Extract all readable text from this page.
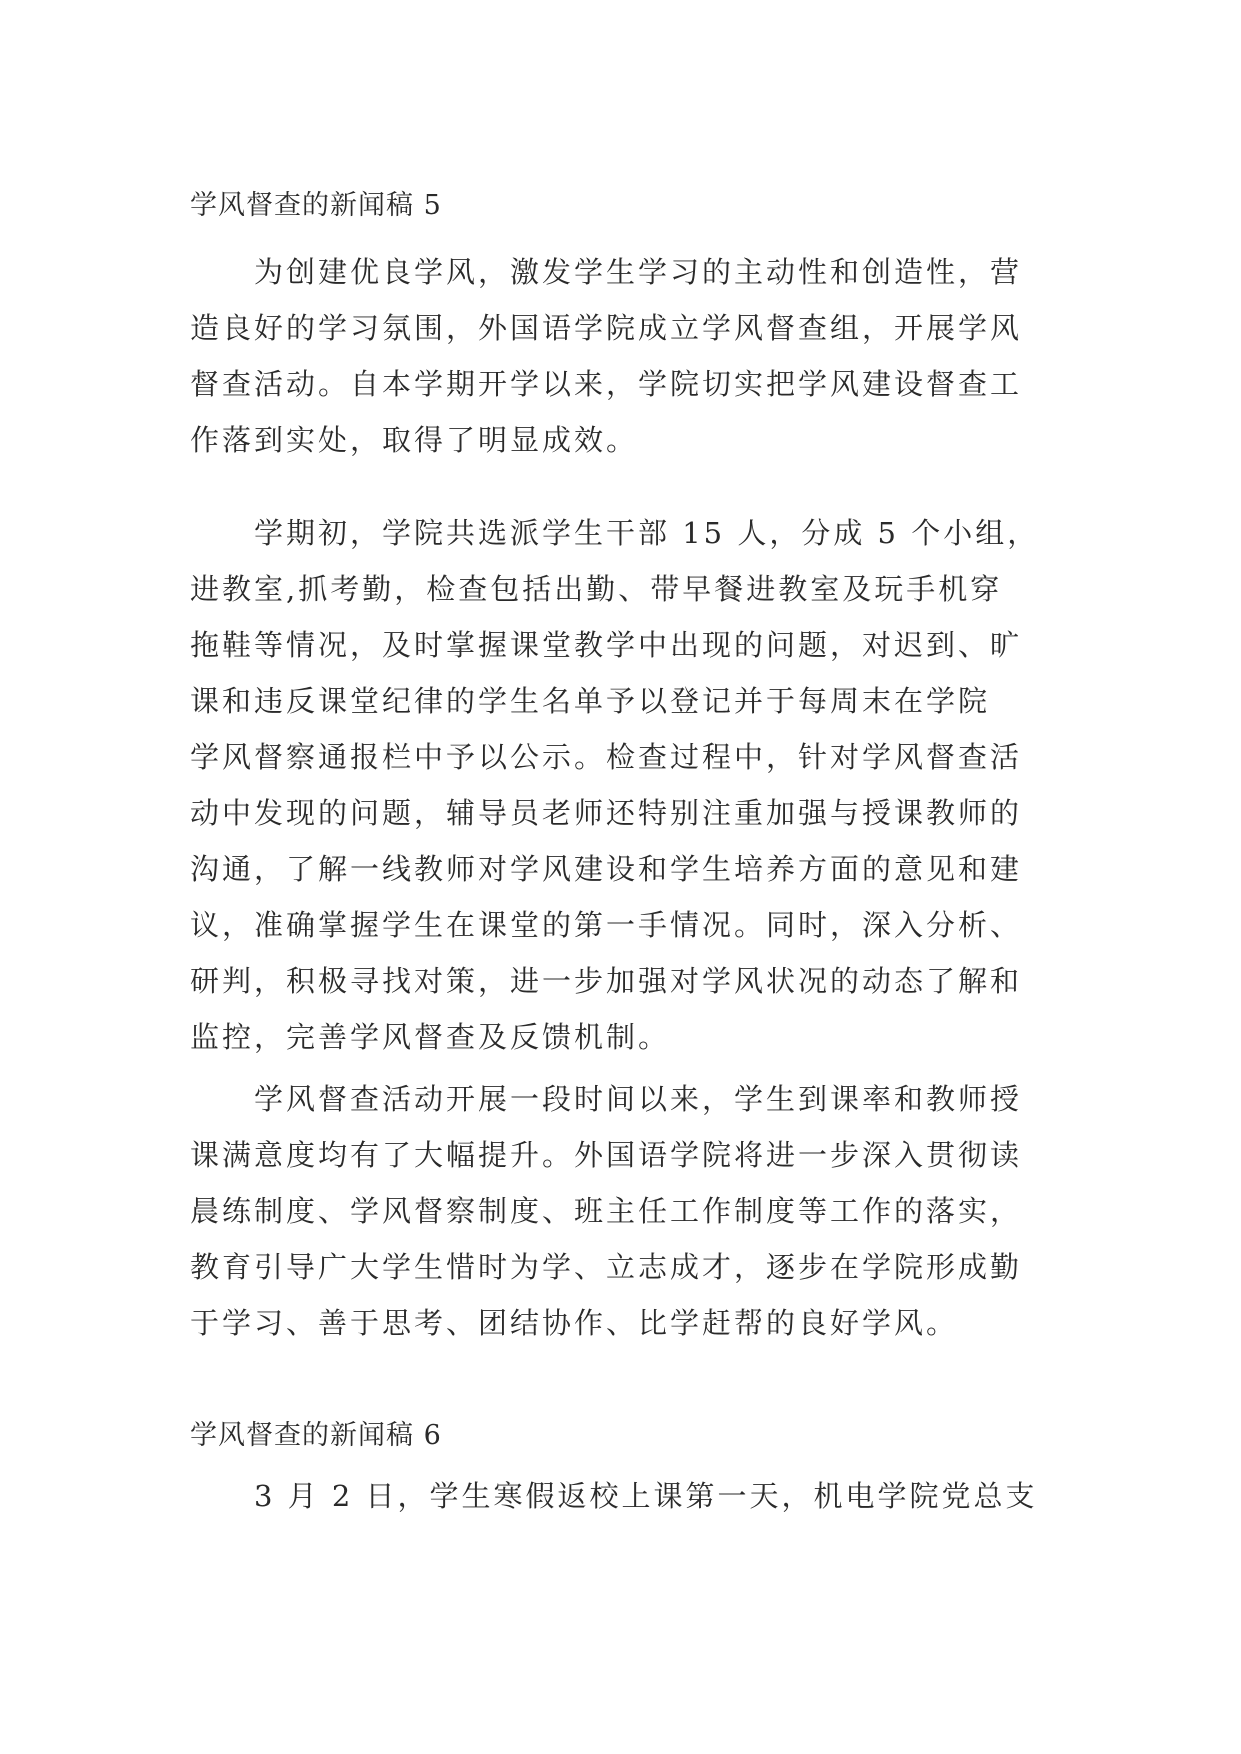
学风督查的新闻稿 5
为创建优良学风，激发学生学习的主动性和创造性，营
造良好的学习氛围，外国语学院成立学风督查组，开展学风
督查活动。自本学期开学以来，学院切实把学风建设督查工
作落到实处，取得了明显成效。
学期初，学院共选派学生干部 15 人，分成 5 个小组，
进教室,抓考勤，检查包括出勤、带早餐进教室及玩手机穿
拖鞋等情况，及时掌握课堂教学中出现的问题，对迟到、旷
课和违反课堂纪律的学生名单予以登记并于每周末在学院
学风督察通报栏中予以公示。检查过程中，针对学风督查活
动中发现的问题，辅导员老师还特别注重加强与授课教师的
沟通，了解一线教师对学风建设和学生培养方面的意见和建
议，准确掌握学生在课堂的第一手情况。同时，深入分析、
研判，积极寻找对策，进一步加强对学风状况的动态了解和
监控，完善学风督查及反馈机制。
学风督查活动开展一段时间以来，学生到课率和教师授
课满意度均有了大幅提升。外国语学院将进一步深入贯彻读
晨练制度、学风督察制度、班主任工作制度等工作的落实，
教育引导广大学生惜时为学、立志成才，逐步在学院形成勤
于学习、善于思考、团结协作、比学赶帮的良好学风。
学风督查的新闻稿 6
3 月 2 日，学生寒假返校上课第一天，机电学院党总支
